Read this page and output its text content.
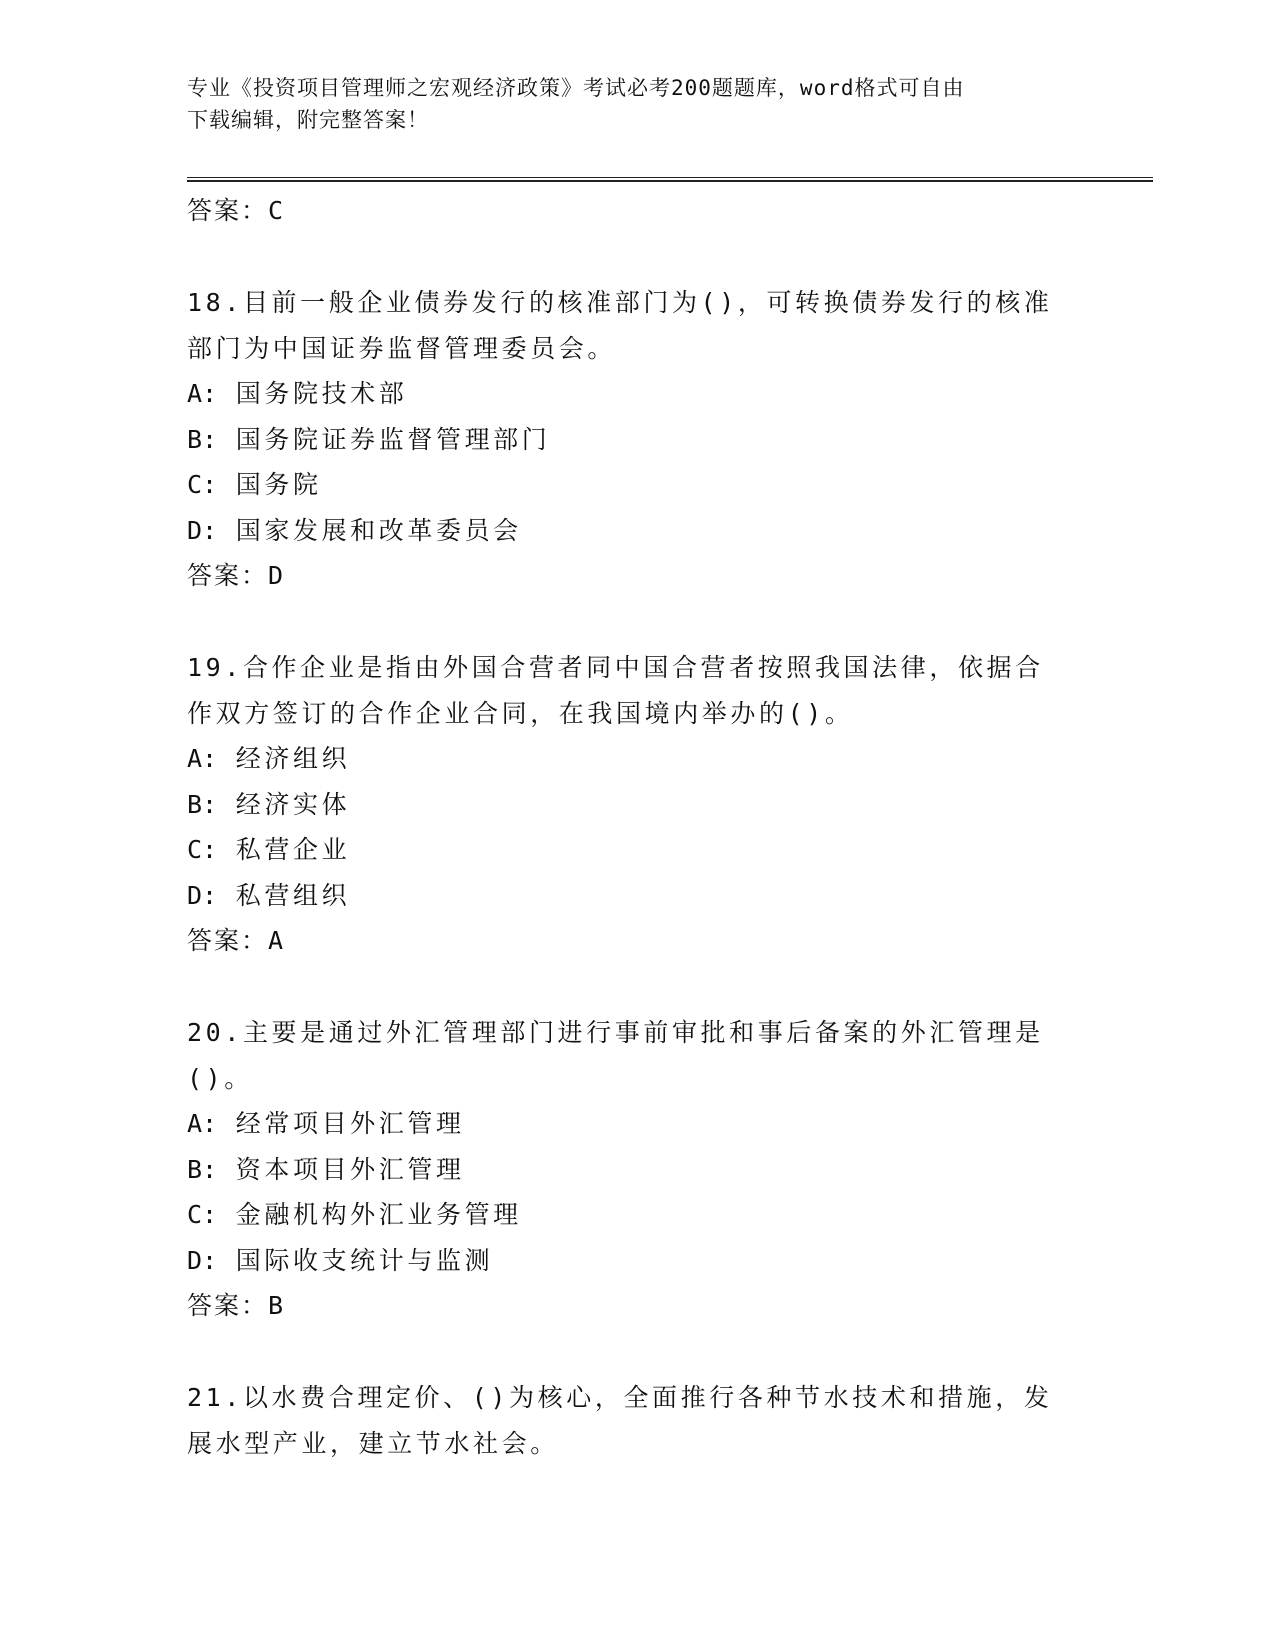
专业《投资项目管理师之宏观经济政策》考试必考200题题库，word格式可自由
下载编辑，附完整答案！
答案：C
18.目前一般企业债券发行的核准部门为()，可转换债券发行的核准部门为中国证券监督管理委员会。
A: 国务院技术部
B: 国务院证券监督管理部门
C: 国务院
D: 国家发展和改革委员会
答案：D
19.合作企业是指由外国合营者同中国合营者按照我国法律，依据合作双方签订的合作企业合同，在我国境内举办的()。
A: 经济组织
B: 经济实体
C: 私营企业
D: 私营组织
答案：A
20.主要是通过外汇管理部门进行事前审批和事后备案的外汇管理是()。
A: 经常项目外汇管理
B: 资本项目外汇管理
C: 金融机构外汇业务管理
D: 国际收支统计与监测
答案：B
21.以水费合理定价、()为核心，全面推行各种节水技术和措施，发展水型产业，建立节水社会。
